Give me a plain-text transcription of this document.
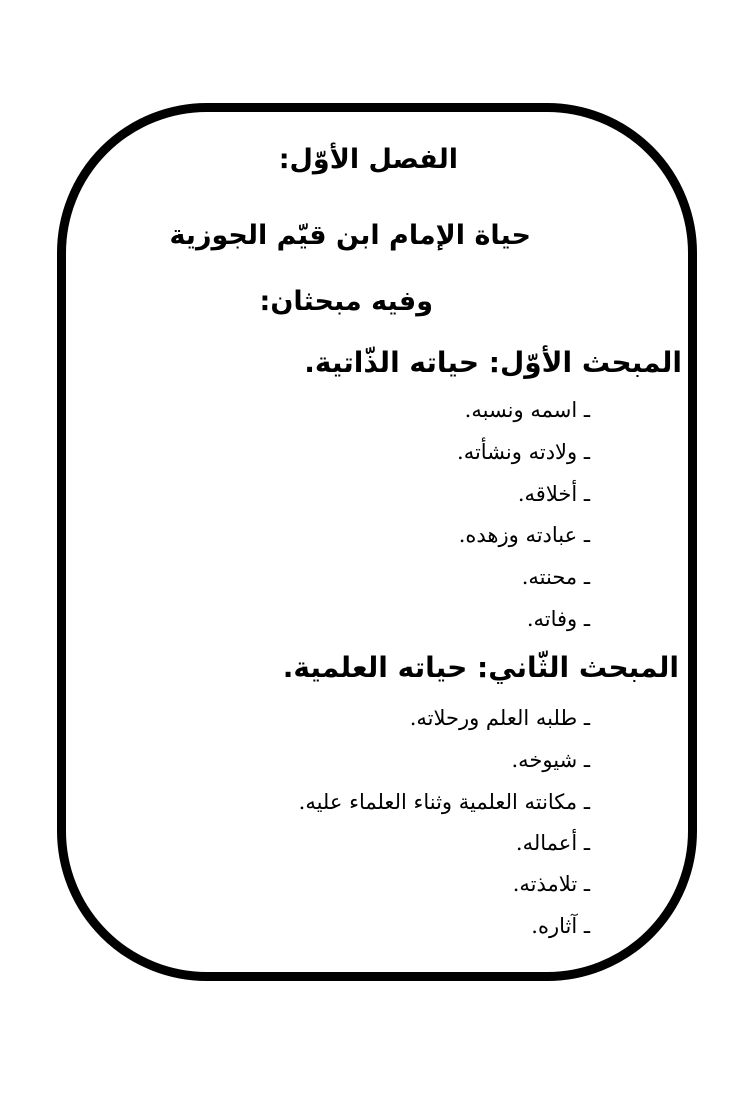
الفصل الأوّل:
حياة الإمام ابن قيّم الجوزية

وفيه مبحثان:

المبحث الأوّل: حياته الذّاتية.
ـ اسمه ونسبه.
ـ ولادته ونشأته.
ـ أخلاقه.
ـ عبادته وزهده.
ـ محنته.
ـ وفاته.
المبحث الثّاني: حياته العلمية.
ـ طلبه العلم ورحلاته.
ـ شيوخه.
ـ مكانته العلمية وثناء العلماء عليه.
ـ أعماله.
ـ تلامذته.
ـ آثاره.
